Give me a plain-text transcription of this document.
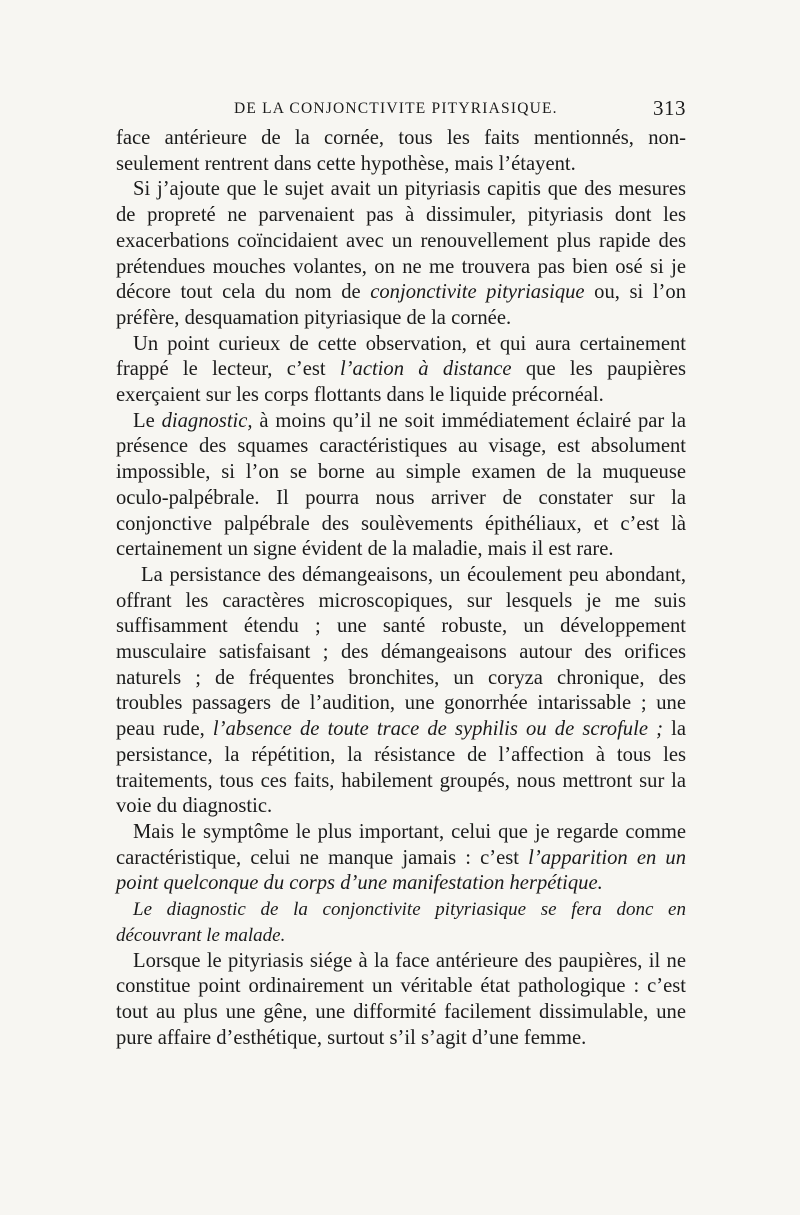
DE LA CONJONCTIVITE PITYRIASIQUE.	313

face antérieure de la cornée, tous les faits mentionnés, non-seulement rentrent dans cette hypothèse, mais l’étayent.

Si j’ajoute que le sujet avait un pityriasis capitis que des mesures de propreté ne parvenaient pas à dissimuler, pityriasis dont les exacerbations coïncidaient avec un renouvellement plus rapide des prétendues mouches volantes, on ne me trouvera pas bien osé si je décore tout cela du nom de conjonctivite pityriasique ou, si l’on préfère, desquamation pityriasique de la cornée.

Un point curieux de cette observation, et qui aura certainement frappé le lecteur, c’est l’action à distance que les paupières exerçaient sur les corps flottants dans le liquide précornéal.

Le diagnostic, à moins qu’il ne soit immédiatement éclairé par la présence des squames caractéristiques au visage, est absolument impossible, si l’on se borne au simple examen de la muqueuse oculo-palpébrale. Il pourra nous arriver de constater sur la conjonctive palpébrale des soulèvements épithéliaux, et c’est là certainement un signe évident de la maladie, mais il est rare.

La persistance des démangeaisons, un écoulement peu abondant, offrant les caractères microscopiques, sur lesquels je me suis suffisamment étendu ; une santé robuste, un développement musculaire satisfaisant ; des démangeaisons autour des orifices naturels ; de fréquentes bronchites, un coryza chronique, des troubles passagers de l’audition, une gonorrhée intarissable ; une peau rude, l’absence de toute trace de syphilis ou de scrofule ; la persistance, la répétition, la résistance de l’affection à tous les traitements, tous ces faits, habilement groupés, nous mettront sur la voie du diagnostic.

Mais le symptôme le plus important, celui que je regarde comme caractéristique, celui ne manque jamais : c’est l’apparition en un point quelconque du corps d’une manifestation herpétique.

Le diagnostic de la conjonctivite pityriasique se fera donc en découvrant le malade.

Lorsque le pityriasis siége à la face antérieure des paupières, il ne constitue point ordinairement un véritable état pathologique : c’est tout au plus une gêne, une difformité facilement dissimulable, une pure affaire d’esthétique, surtout s’il s’agit d’une femme.
